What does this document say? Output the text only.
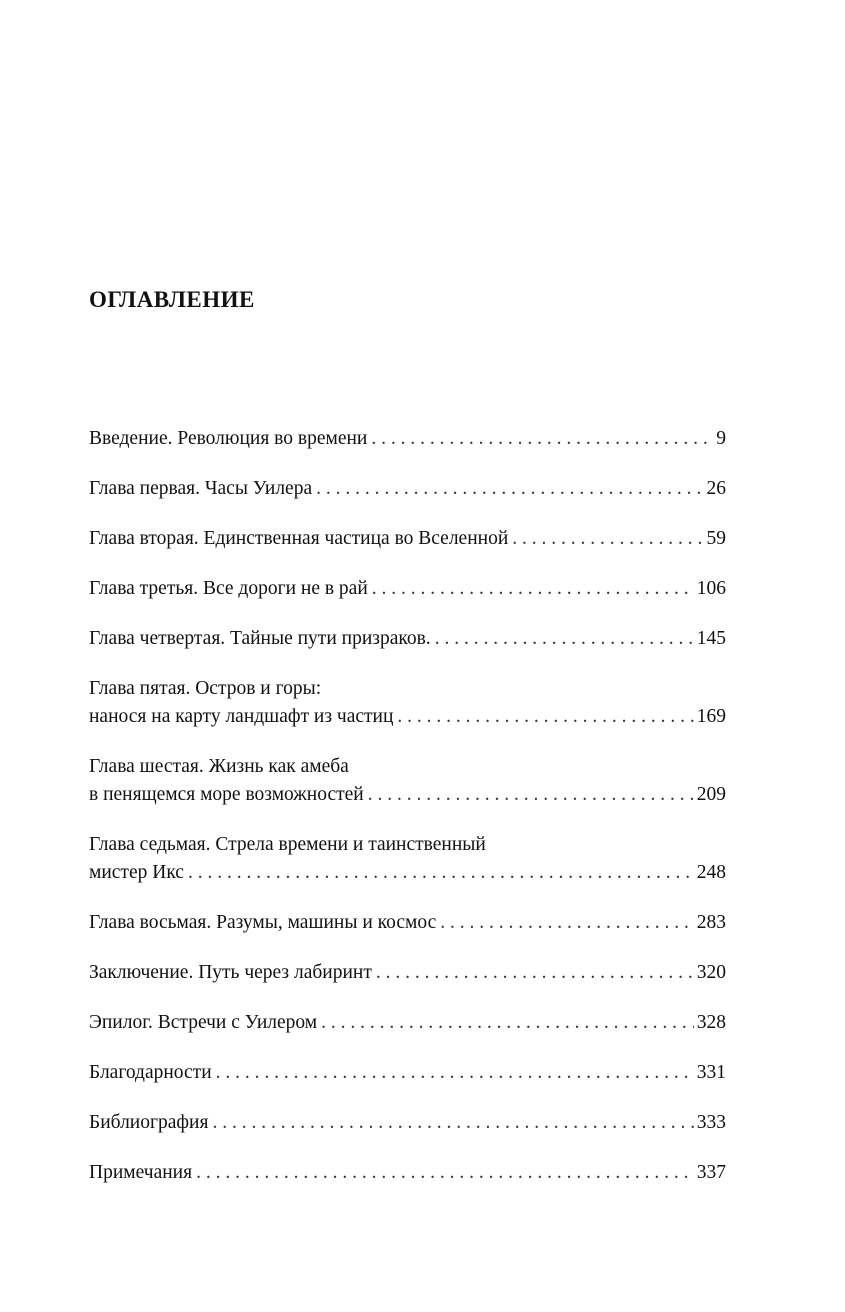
ОГЛАВЛЕНИЕ
Введение. Революция во времени . . .	9
Глава первая. Часы Уилера . . .	26
Глава вторая. Единственная частица во Вселенной . . .	59
Глава третья. Все дороги не в рай . . .	106
Глава четвертая. Тайные пути призраков. . . .	145
Глава пятая. Остров и горы:
нанося на карту ландшафт из частиц . . .	169
Глава шестая. Жизнь как амеба
в пенящемся море возможностей . . .	209
Глава седьмая. Стрела времени и таинственный
мистер Икс . . .	248
Глава восьмая. Разумы, машины и космос . . .	283
Заключение. Путь через лабиринт . . .	320
Эпилог. Встречи с Уилером . . .	328
Благодарности . . .	331
Библиография . . .	333
Примечания . . .	337
